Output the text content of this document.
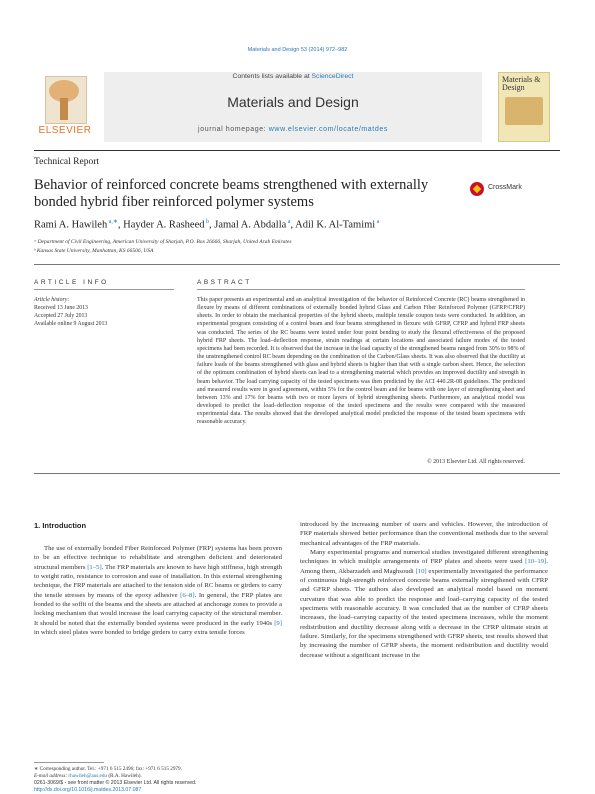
Materials and Design 53 (2014) 972–982
ELSEVIER
Contents lists available at ScienceDirect
Materials and Design
journal homepage: www.elsevier.com/locate/matdes
Materials & Design
Technical Report
Behavior of reinforced concrete beams strengthened with externally bonded hybrid fiber reinforced polymer systems
CrossMark
Rami A. Hawileh $^{a,∗}$, Hayder A. Rasheed $^b$, Jamal A. Abdalla $^a$, Adil K. Al-Tamimi $^a$
ᵃ Department of Civil Engineering, American University of Sharjah, P.O. Box 26666, Sharjah, United Arab Emirates
ᵇ Kansas State University, Manhattan, KS 66506, USA
ARTICLE INFO	ABSTRACT
Article history:
Received 13 June 2013
Accepted 27 July 2013
Available online 9 August 2013
This paper presents an experimental and an analytical investigation of the behavior of Reinforced Concrete (RC) beams strengthened in flexure by means of different combinations of externally bonded hybrid Glass and Carbon Fiber Reinforced Polymer (GFRP/CFRP) sheets. In order to obtain the mechanical properties of the hybrid sheets, multiple tensile coupon tests were conducted. In addition, an experimental program consisting of a control beam and four beams strengthened in flexure with GFRP, CFRP and hybrid FRP sheets was conducted. The series of the RC beams were tested under four point bending to study the flexural effectiveness of the proposed hybrid FRP sheets. The load–deflection response, strain readings at certain locations and associated failure modes of the tested specimens had been recorded. It is observed that the increase in the load capacity of the strengthened beams ranged from 30% to 98% of the unstrengthened control RC beam depending on the combination of the Carbon/Glass sheets. It was also observed that the ductility at failure loads of the beams strengthened with glass and hybrid sheets is higher than that with a single carbon sheet. Hence, the selection of the optimum combination of hybrid sheets can lead to a strengthening material which provides an improved ductility and strength in beam behavior. The load carrying capacity of the tested specimens was then predicted by the ACI 440.2R-08 guidelines. The predicted and measured results were in good agreement, within 5% for the control beam and for beams with one layer of strengthening sheet and between 13% and 17% for beams with two or more layers of hybrid strengthening sheets. Furthermore, an analytical model was developed to predict the load–deflection response of the tested specimens and the results were compared with the measured experimental data. The results showed that the developed analytical model predicted the response of the tested beam specimens with reasonable accuracy.
© 2013 Elsevier Ltd. All rights reserved.
1. Introduction

The use of externally bonded Fiber Reinforced Polymer (FRP) systems has been proven to be an effective technique to rehabilitate and strengthen deficient and deteriorated structural members [1–5]. The FRP materials are known to have high stiffness, high strength to weight ratio, resistance to corrosion and ease of installation. In this external strengthening technique, the FRP materials are attached to the tension side of RC beams or girders to carry the tensile stresses by means of the epoxy adhesive [6–8]. In general, the FRP plates are bonded to the soffit of the beams and the sheets are attached at anchorage zones to provide a locking mechanism that would increase the load carrying capacity of the structural member. It should be noted that the externally bonded systems were produced in the early 1940s [9] in which steel plates were bonded to bridge girders to carry extra tensile forces

introduced by the increasing number of users and vehicles. However, the introduction of FRP materials showed better performance than the conventional methods due to the several mechanical advantages of the FRP materials.

Many experimental programs and numerical studies investigated different strengthening techniques in which multiple arrangements of FRP plates and sheets were used [10–19]. Among them, Akbarzadeh and Maghsoudi [10] experimentally investigated the performance of continuous high-strength reinforced concrete beams externally strengthened with CFRP and GFRP sheets. The authors also developed an analytical model based on moment curvature that was able to predict the response and load–carrying capacity of the tested specimens with reasonable accuracy. It was concluded that as the number of CFRP sheets increases, the load–carrying capacity of the tested specimens increases, while the moment redistribution and ductility decrease along with a decrease in the CFRP ultimate strain at failure. Similarly, for the specimens strengthened with GFRP sheets, test results showed that by increasing the number of GFRP sheets, the moment redistribution and ductility would decrease without a significant increase in the

∗ Corresponding author. Tel.: +971 6 515 2496; fax: +971 6 515 2979.
E-mail address: rhawileh@aus.edu (R.A. Hawileh).
0261-3069/$ - see front matter © 2013 Elsevier Ltd. All rights reserved.
http://dx.doi.org/10.1016/j.matdes.2013.07.087
